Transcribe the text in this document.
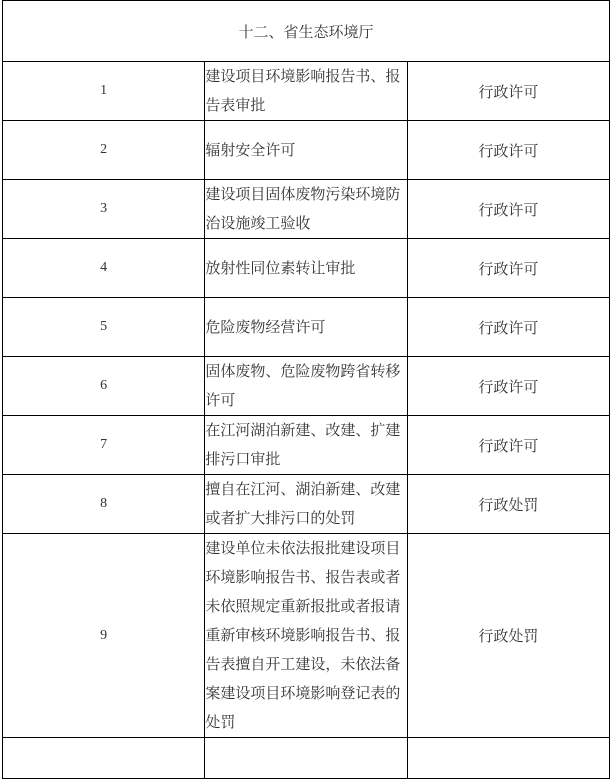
十二、省生态环境厅		
1	建设项目环境影响报告书、报告表审批	行政许可
2	辐射安全许可	行政许可
3	建设项目固体废物污染环境防治设施竣工验收	行政许可
4	放射性同位素转让审批	行政许可
5	危险废物经营许可	行政许可
6	固体废物、危险废物跨省转移许可	行政许可
7	在江河湖泊新建、改建、扩建排污口审批	行政许可
8	擅自在江河、湖泊新建、改建或者扩大排污口的处罚	行政处罚
9	建设单位未依法报批建设项目环境影响报告书、报告表或者未依照规定重新报批或者报请重新审核环境影响报告书、报告表擅自开工建设，未依法备案建设项目环境影响登记表的处罚	行政处罚
